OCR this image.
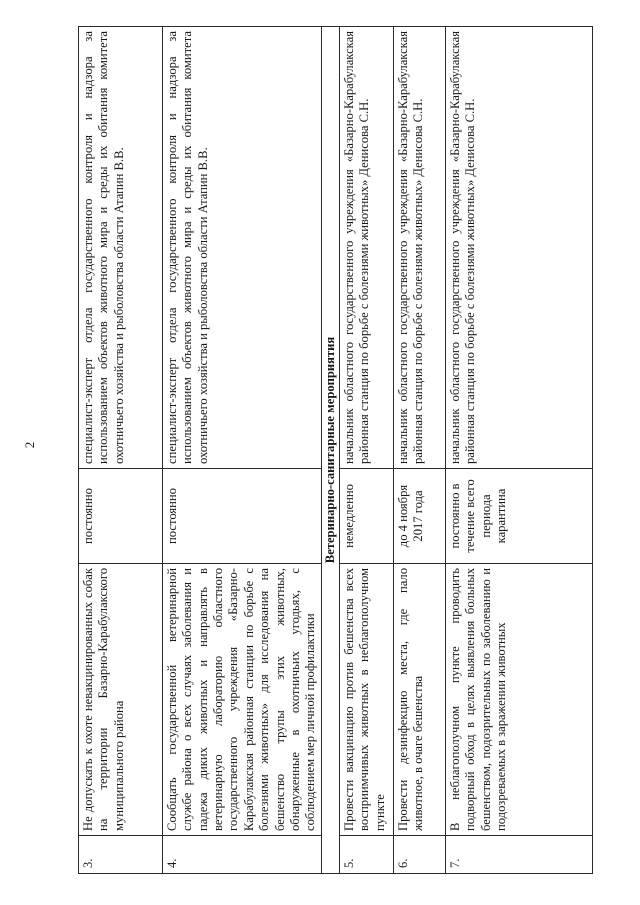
2
3.	Не допускать к охоте невакцинированных собак на территории Базарно-Карабулакского муниципального района	постоянно	специалист-эксперт отдела государственного контроля и надзора за использованием объектов животного мира и среды их обитания комитета охотничьего хозяйства и рыболовства области Атапин В.В.
4.	Сообщать государственной ветеринарной службе района о всех случаях заболевания и падежа диких животных и направлять в ветеринарную лабораторию областного государственного учреждения «Базарно-Карабулакская районная станции по борьбе с болезнями животных» для исследования на бешенство трупы этих животных, обнаруженные в охотничьих угодьях, с соблюдением мер личной профилактики	постоянно	специалист-эксперт отдела государственного контроля и надзора за использованием объектов животного мира и среды их обитания комитета охотничьего хозяйства и рыболовства области Атапин В.В.
Ветеринарно-санитарные мероприятия			
5.	Провести вакцинацию против бешенства всех восприимчивых животных в неблагополучном пункте	немедленно	начальник областного государственного учреждения «Базарно-Карабулакская районная станция по борьбе с болезнями животных» Денисова С.Н.
6.	Провести дезинфекцию места, где пало животное, в очаге бешенства	до 4 ноября 2017 года	начальник областного государственного учреждения «Базарно-Карабулакская районная станция по борьбе с болезнями животных» Денисова С.Н.
7.	В неблагополучном пункте проводить подворный обход в целях выявления больных бешенством, подозрительных по заболеванию и подозреваемых в заражении животных	постоянно в течение всего периода карантина	начальник областного государственного учреждения «Базарно-Карабулакская районная станция по борьбе с болезнями животных» Денисова С.Н.
